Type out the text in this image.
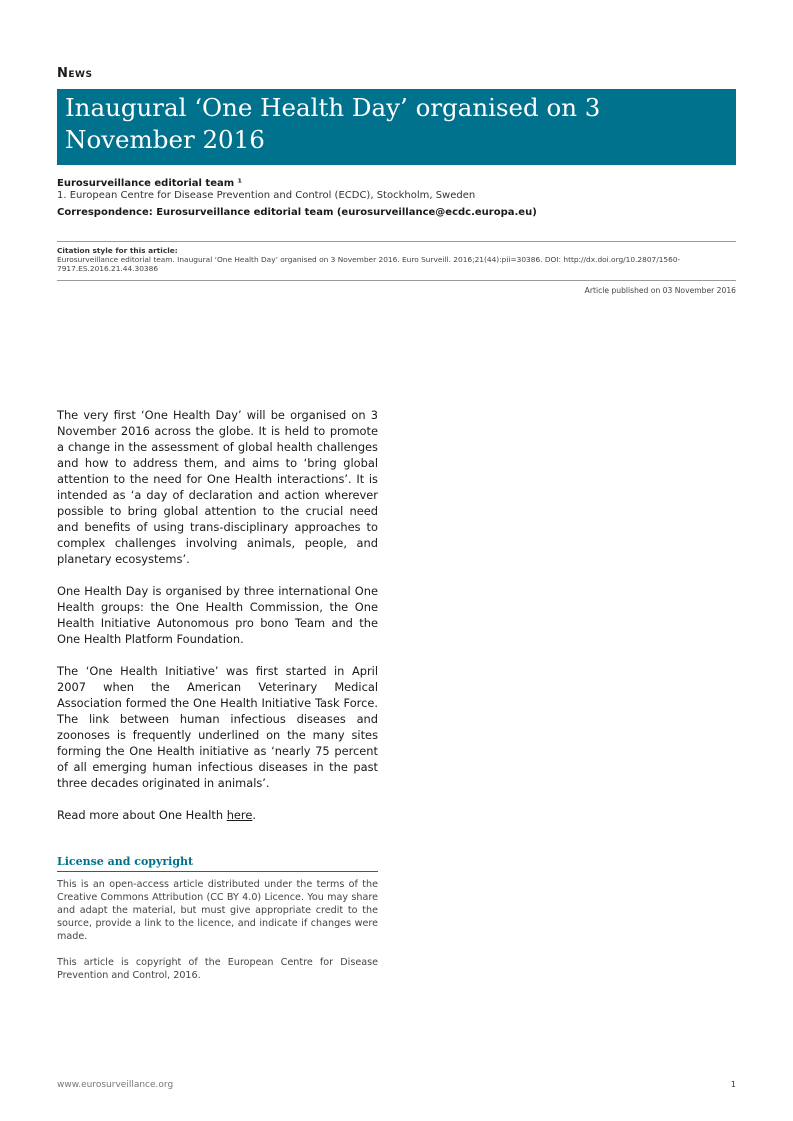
News
Inaugural ‘One Health Day’ organised on 3 November 2016
Eurosurveillance editorial team ¹
1. European Centre for Disease Prevention and Control (ECDC), Stockholm, Sweden
Correspondence: Eurosurveillance editorial team (eurosurveillance@ecdc.europa.eu)
Citation style for this article:
Eurosurveillance editorial team. Inaugural ‘One Health Day’ organised on 3 November 2016. Euro Surveill. 2016;21(44):pii=30386. DOI: http://dx.doi.org/10.2807/1560-7917.ES.2016.21.44.30386
Article published on 03 November 2016

The very first ‘One Health Day’ will be organised on 3 November 2016 across the globe. It is held to promote a change in the assessment of global health challenges and how to address them, and aims to ‘bring global attention to the need for One Health interactions’. It is intended as ‘a day of declaration and action wherever possible to bring global attention to the crucial need and benefits of using trans-disciplinary approaches to complex challenges involving animals, people, and planetary ecosystems’.

One Health Day is organised by three international One Health groups: the One Health Commission, the One Health Initiative Autonomous pro bono Team and the One Health Platform Foundation.

The ‘One Health Initiative’ was first started in April 2007 when the American Veterinary Medical Association formed the One Health Initiative Task Force. The link between human infectious diseases and zoonoses is frequently underlined on the many sites forming the One Health initiative as ‘nearly 75 percent of all emerging human infectious diseases in the past three decades originated in animals’.

Read more about One Health here.

License and copyright

This is an open-access article distributed under the terms of the Creative Commons Attribution (CC BY 4.0) Licence. You may share and adapt the material, but must give appropriate credit to the source, provide a link to the licence, and indicate if changes were made.

This article is copyright of the European Centre for Disease Prevention and Control, 2016.

www.eurosurveillance.org	1
